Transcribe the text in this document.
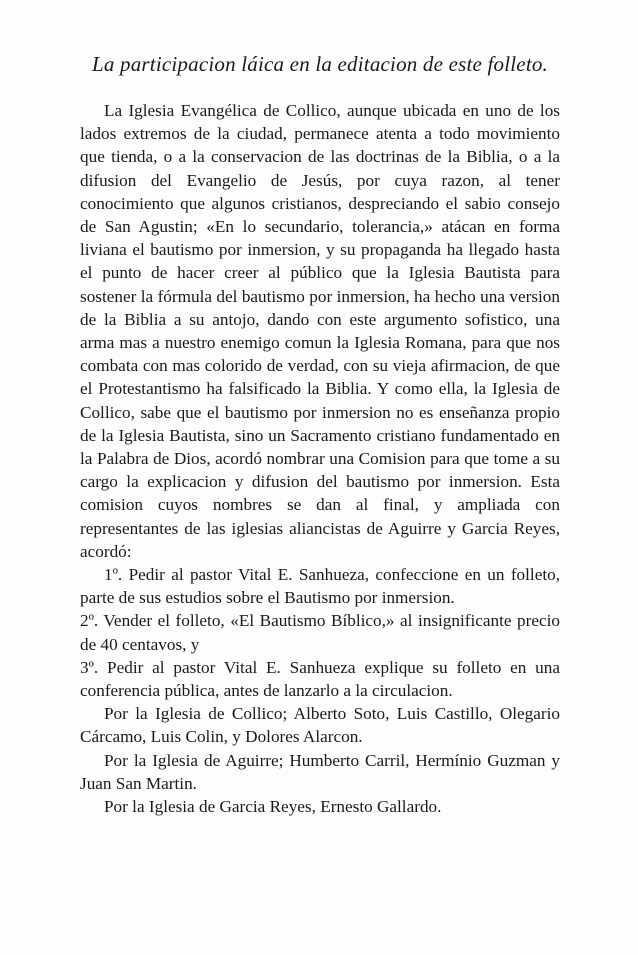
La participacion láica en la editacion de este folleto.

La Iglesia Evangélica de Collico, aunque ubicada en uno de los lados extremos de la ciudad, permanece atenta a todo movimiento que tienda, o a la conservacion de las doctrinas de la Biblia, o a la difusion del Evangelio de Jesús, por cuya razon, al tener conocimiento que algunos cristianos, despreciando el sabio consejo de San Agustin; «En lo secundario, tolerancia,» atácan en forma liviana el bautismo por inmersion, y su propaganda ha llegado hasta el punto de hacer creer al público que la Iglesia Bautista para sostener la fórmula del bautismo por inmersion, ha hecho una version de la Biblia a su antojo, dando con este argumento sofistico, una arma mas a nuestro enemigo comun la Iglesia Romana, para que nos combata con mas colorido de verdad, con su vieja afirmacion, de que el Protestantismo ha falsificado la Biblia. Y como ella, la Iglesia de Collico, sabe que el bautismo por inmersion no es enseñanza propio de la Iglesia Bautista, sino un Sacramento cristiano fundamentado en la Palabra de Dios, acordó nombrar una Comision para que tome a su cargo la explicacion y difusion del bautismo por inmersion. Esta comision cuyos nombres se dan al final, y ampliada con representantes de las iglesias aliancistas de Aguirre y Garcia Reyes, acordó:

1º. Pedir al pastor Vital E. Sanhueza, confeccione en un folleto, parte de sus estudios sobre el Bautismo por inmersion.

2º. Vender el folleto, «El Bautismo Bíblico,» al insignificante precio de 40 centavos, y

3º. Pedir al pastor Vital E. Sanhueza explique su folleto en una conferencia pública, antes de lanzarlo a la circulacion.

Por la Iglesia de Collico; Alberto Soto, Luis Castillo, Olegario Cárcamo, Luis Colin, y Dolores Alarcon.

Por la Iglesia de Aguirre; Humberto Carril, Hermínio Guzman y Juan San Martin.

Por la Iglesia de Garcia Reyes, Ernesto Gallardo.
